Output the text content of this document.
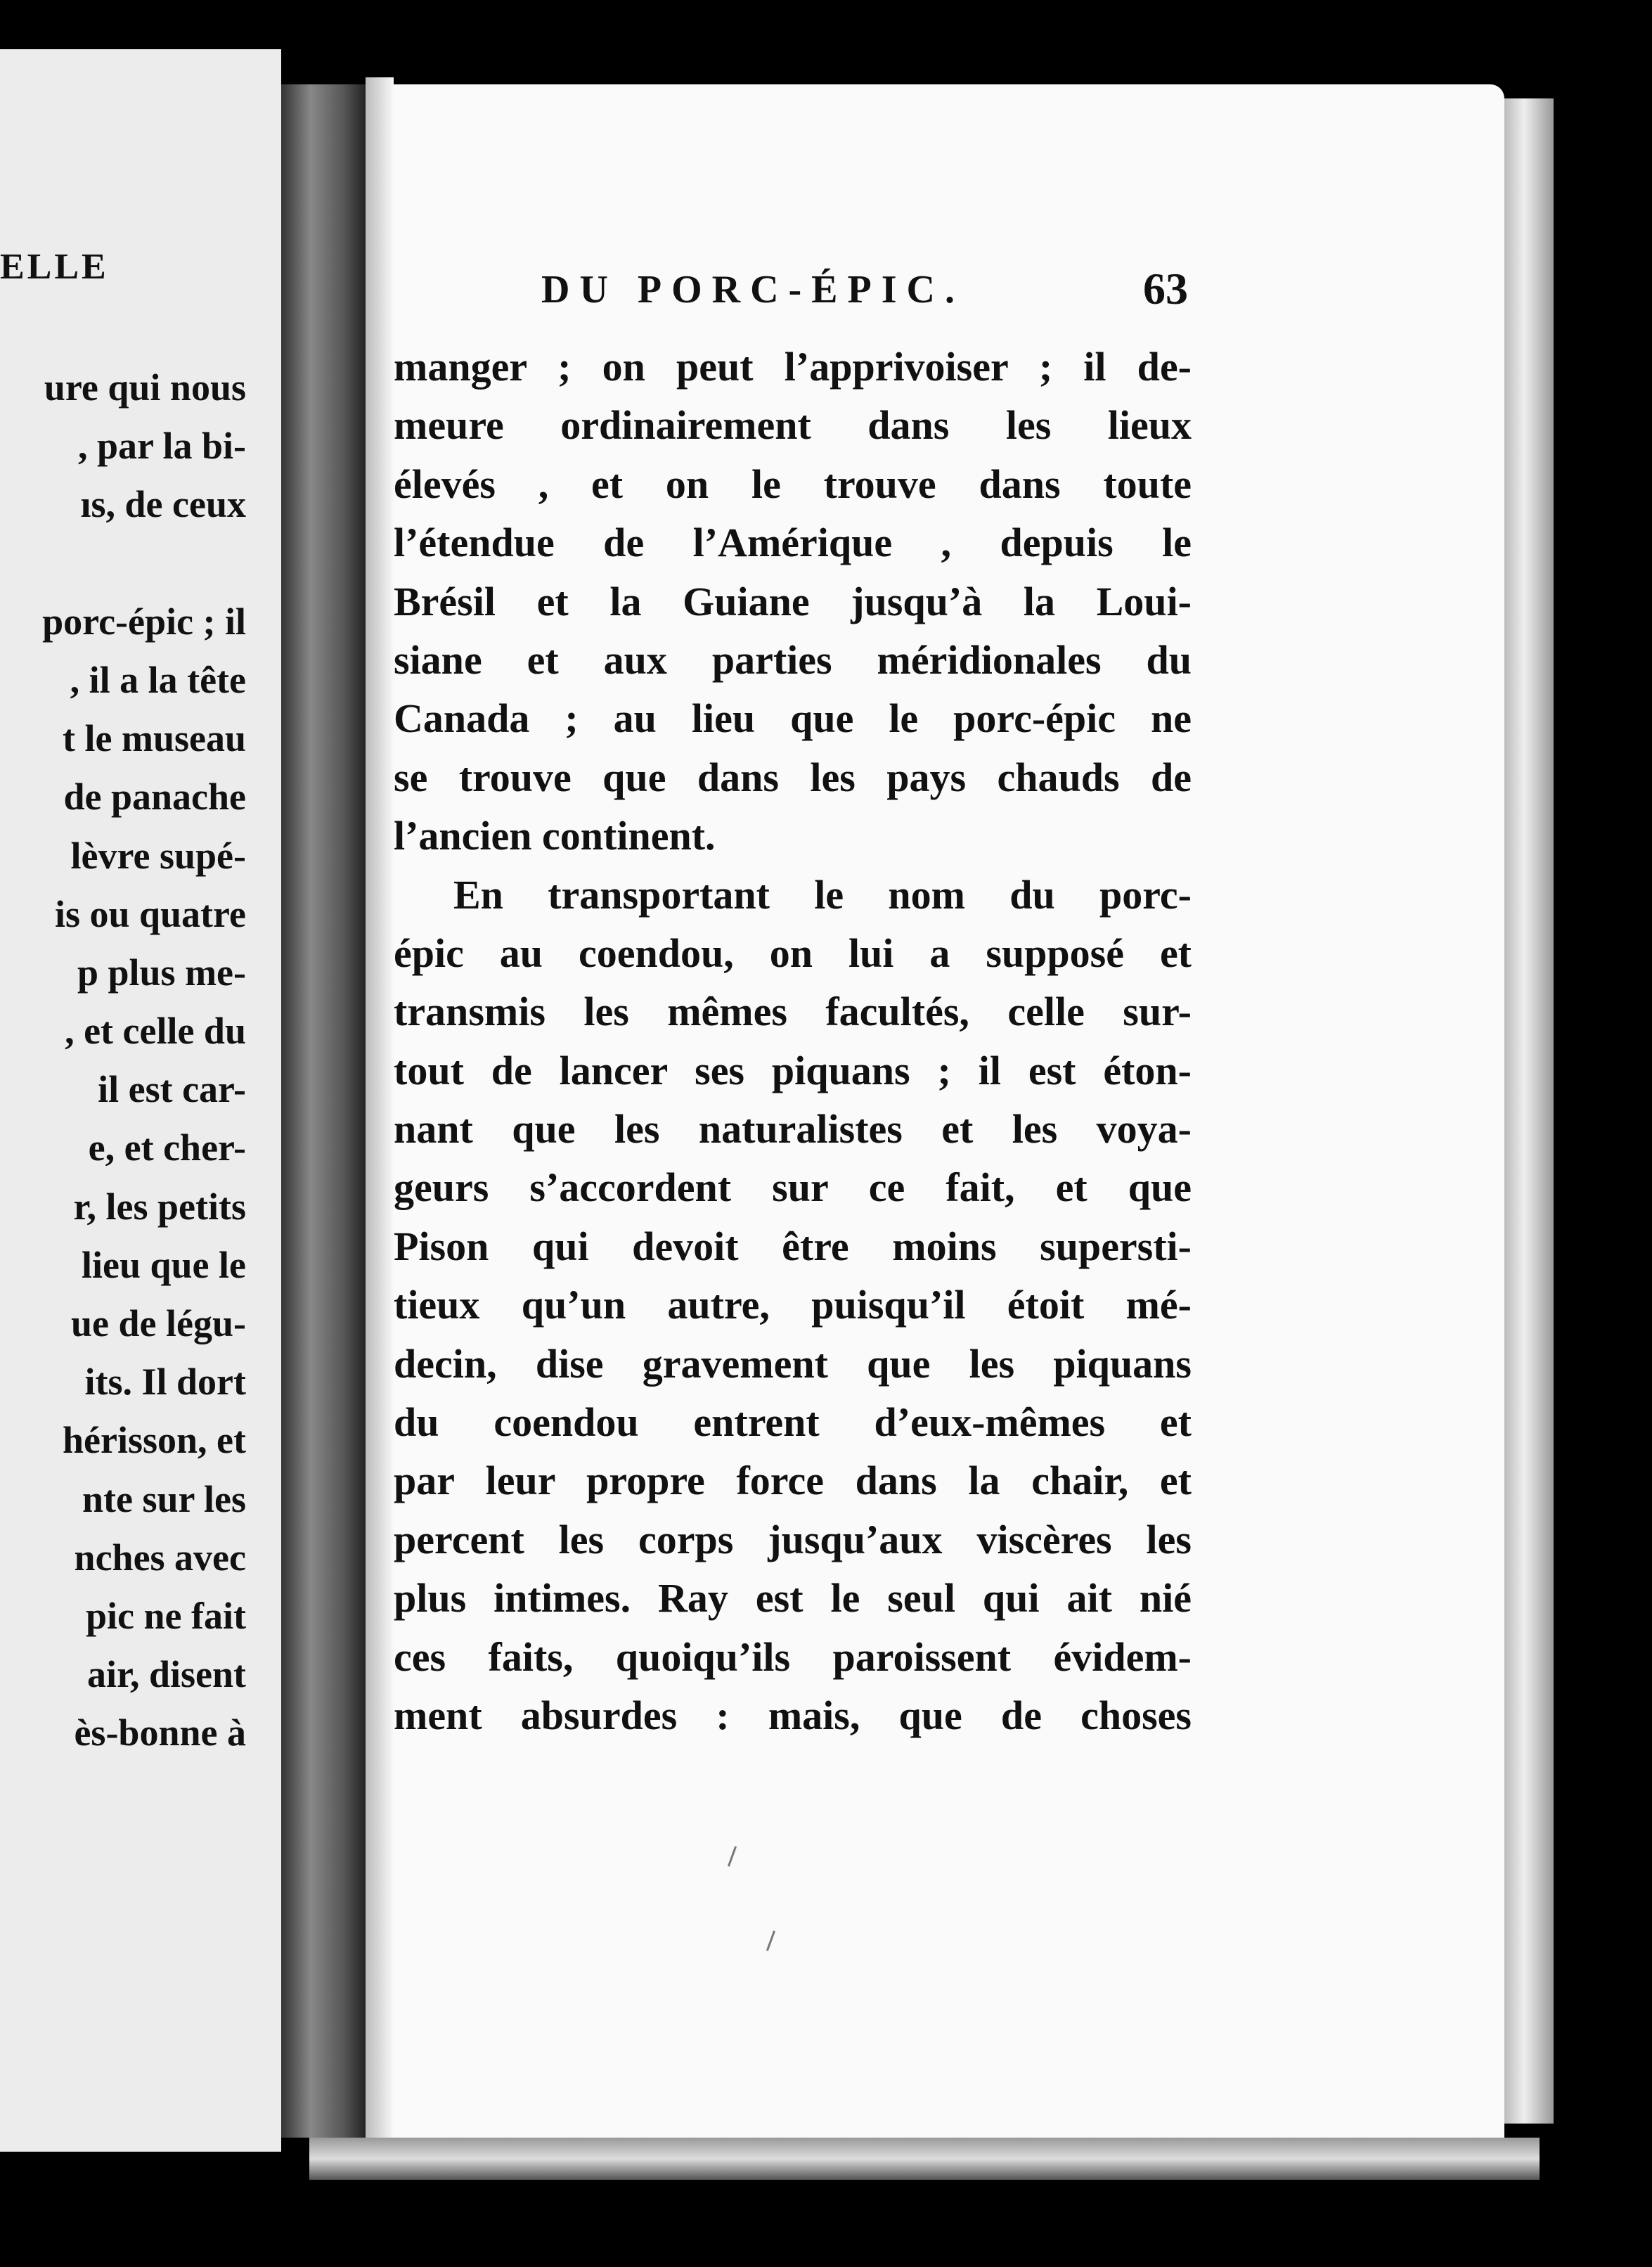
ELLE
ure qui nous
, par la bi-
ıs, de ceux
porc-épic ; il
, il a la tête
t le museau
de panache
lèvre supé-
is ou quatre
p plus me-
, et celle du
il est car-
e, et cher-
r, les petits
lieu que le
ue de légu-
its. Il dort
hérisson, et
nte sur les
nches avec
pic ne fait
air, disent
ès-bonne à
DU PORC-ÉPIC.	63
manger ; on peut l’apprivoiser ; il de-
meure ordinairement dans les lieux
élevés , et on le trouve dans toute
l’étendue de l’Amérique , depuis le
Brésil et la Guiane jusqu’à la Loui-
siane et aux parties méridionales du
Canada ; au lieu que le porc-épic ne
se trouve que dans les pays chauds de
l’ancien continent.
En transportant le nom du porc-
épic au coendou, on lui a supposé et
transmis les mêmes facultés, celle sur-
tout de lancer ses piquans ; il est éton-
nant que les naturalistes et les voya-
geurs s’accordent sur ce fait, et que
Pison qui devoit être moins supersti-
tieux qu’un autre, puisqu’il étoit mé-
decin, dise gravement que les piquans
du coendou entrent d’eux-mêmes et
par leur propre force dans la chair, et
percent les corps jusqu’aux viscères les
plus intimes. Ray est le seul qui ait nié
ces faits, quoiqu’ils paroissent évidem-
ment absurdes : mais, que de choses
